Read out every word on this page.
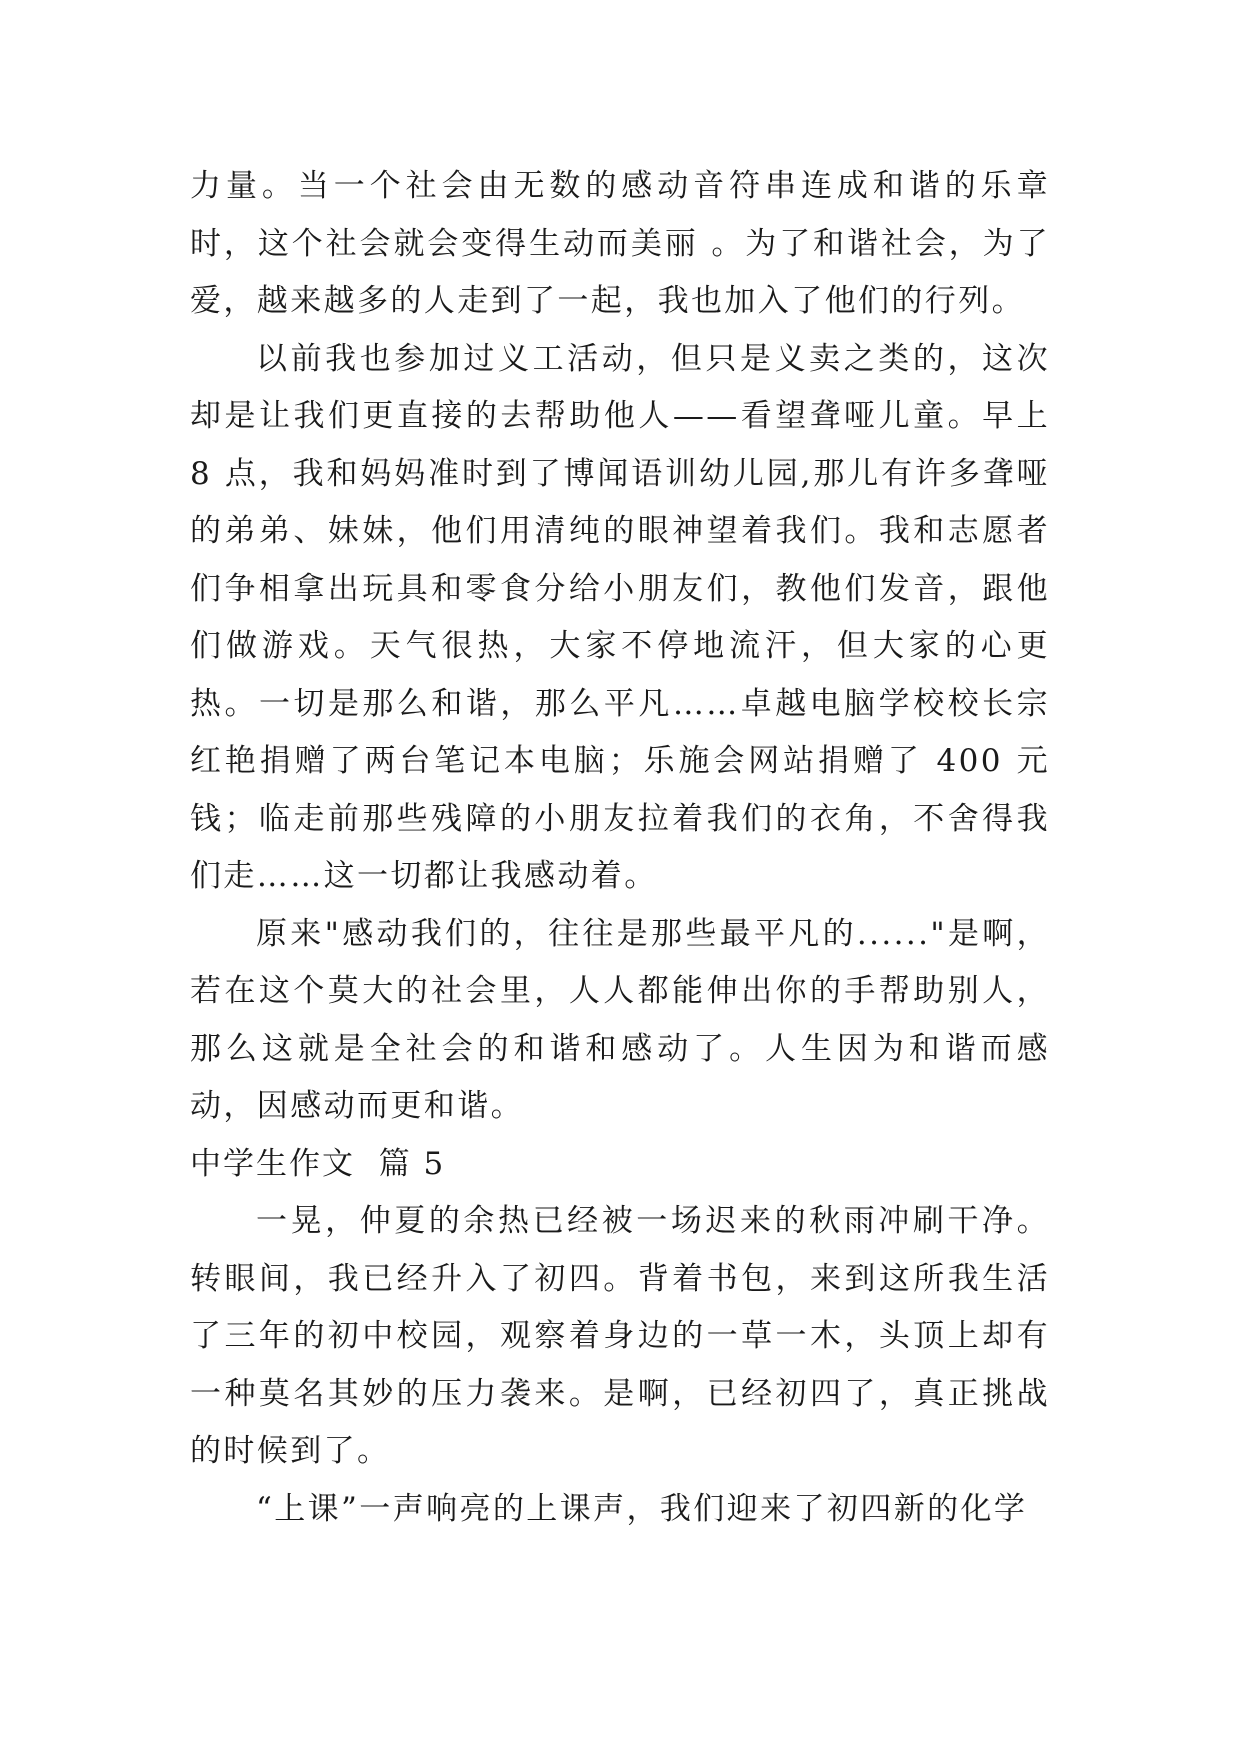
力量。当一个社会由无数的感动音符串连成和谐的乐章时，这个社会就会变得生动而美丽 。为了和谐社会，为了爱，越来越多的人走到了一起，我也加入了他们的行列。

以前我也参加过义工活动，但只是义卖之类的，这次却是让我们更直接的去帮助他人——看望聋哑儿童。早上 8 点，我和妈妈准时到了博闻语训幼儿园,那儿有许多聋哑的弟弟、妹妹，他们用清纯的眼神望着我们。我和志愿者们争相拿出玩具和零食分给小朋友们，教他们发音，跟他们做游戏。天气很热，大家不停地流汗，但大家的心更热。一切是那么和谐，那么平凡……卓越电脑学校校长宗红艳捐赠了两台笔记本电脑；乐施会网站捐赠了 400 元钱；临走前那些残障的小朋友拉着我们的衣角，不舍得我们走……这一切都让我感动着。

原来"感动我们的，往往是那些最平凡的......"是啊，若在这个莫大的社会里，人人都能伸出你的手帮助别人，那么这就是全社会的和谐和感动了。人生因为和谐而感动，因感动而更和谐。

中学生作文  篇 5

一晃，仲夏的余热已经被一场迟来的秋雨冲刷干净。转眼间，我已经升入了初四。背着书包，来到这所我生活了三年的初中校园，观察着身边的一草一木，头顶上却有一种莫名其妙的压力袭来。是啊，已经初四了，真正挑战的时候到了。

“上课”一声响亮的上课声，我们迎来了初四新的化学
